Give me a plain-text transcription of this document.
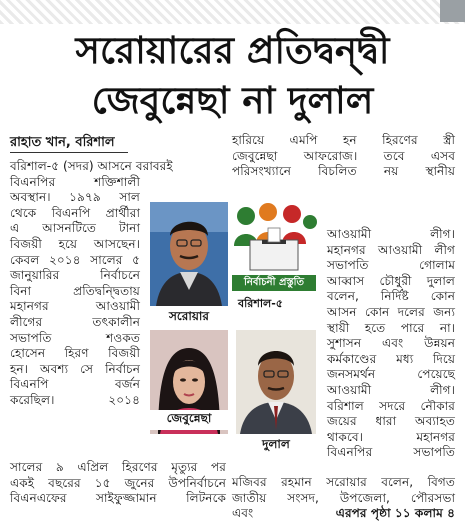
সরোয়ারের প্রতিদ্বন্দ্বী
জেবুন্নেছা না দুলাল
রাহাত খান, বরিশাল
বরিশাল-৫ (সদর) আসনে বরাবরই
বিএনপির শক্তিশালী
অবস্থান। ১৯৭৯ সাল
থেকে বিএনপি প্রার্থীরা
এ আসনটিতে টানা
বিজয়ী হয়ে আসছেন।
কেবল ২০১৪ সালের ৫
জানুয়ারির নির্বাচনে
বিনা প্রতিদ্বন্দ্বিতায়
মহানগর আওয়ামী
লীগের তৎকালীন
সভাপতি শওকত
হোসেন হিরণ বিজয়ী
হন। অবশ্য সে নির্বাচন
বিএনপি বর্জন
করেছিল। ২০১৪
সালের ৯ এপ্রিল হিরণের মৃত্যুর পর
একই বছরের ১৫ জুনের উপনির্বাচনে
বিএনএফের সাইফুজ্জামান লিটনকে
হারিয়ে এমপি হন হিরণের স্ত্রী
জেবুন্নেছা আফরোজ। তবে এসব
পরিসংখ্যানে বিচলিত নয় স্থানীয়
আওয়ামী লীগ।
মহানগর আওয়ামী লীগ
সভাপতি গোলাম
আব্বাস চৌধুরী দুলাল
বলেন, নির্দিষ্ট কোন
আসন কোন দলের জন্য
স্থায়ী হতে পারে না।
সুশাসন এবং উন্নয়ন
কর্মকাণ্ডের মধ্য দিয়ে
জনসমর্থন পেয়েছে
আওয়ামী লীগ।
বরিশাল সদরে নৌকার
জয়ের ধারা অব্যাহত
থাকবে। মহানগর
বিএনপির সভাপতি
মজিবর রহমান সরোয়ার বলেন, বিগত
জাতীয় সংসদ, উপজেলা, পৌরসভা
এবং	এরপর পৃষ্ঠা ১১ কলাম ৪
সরোয়ার
নির্বাচনী প্রস্তুতি
বরিশাল-৫
জেবুন্নেছা
দুলাল
